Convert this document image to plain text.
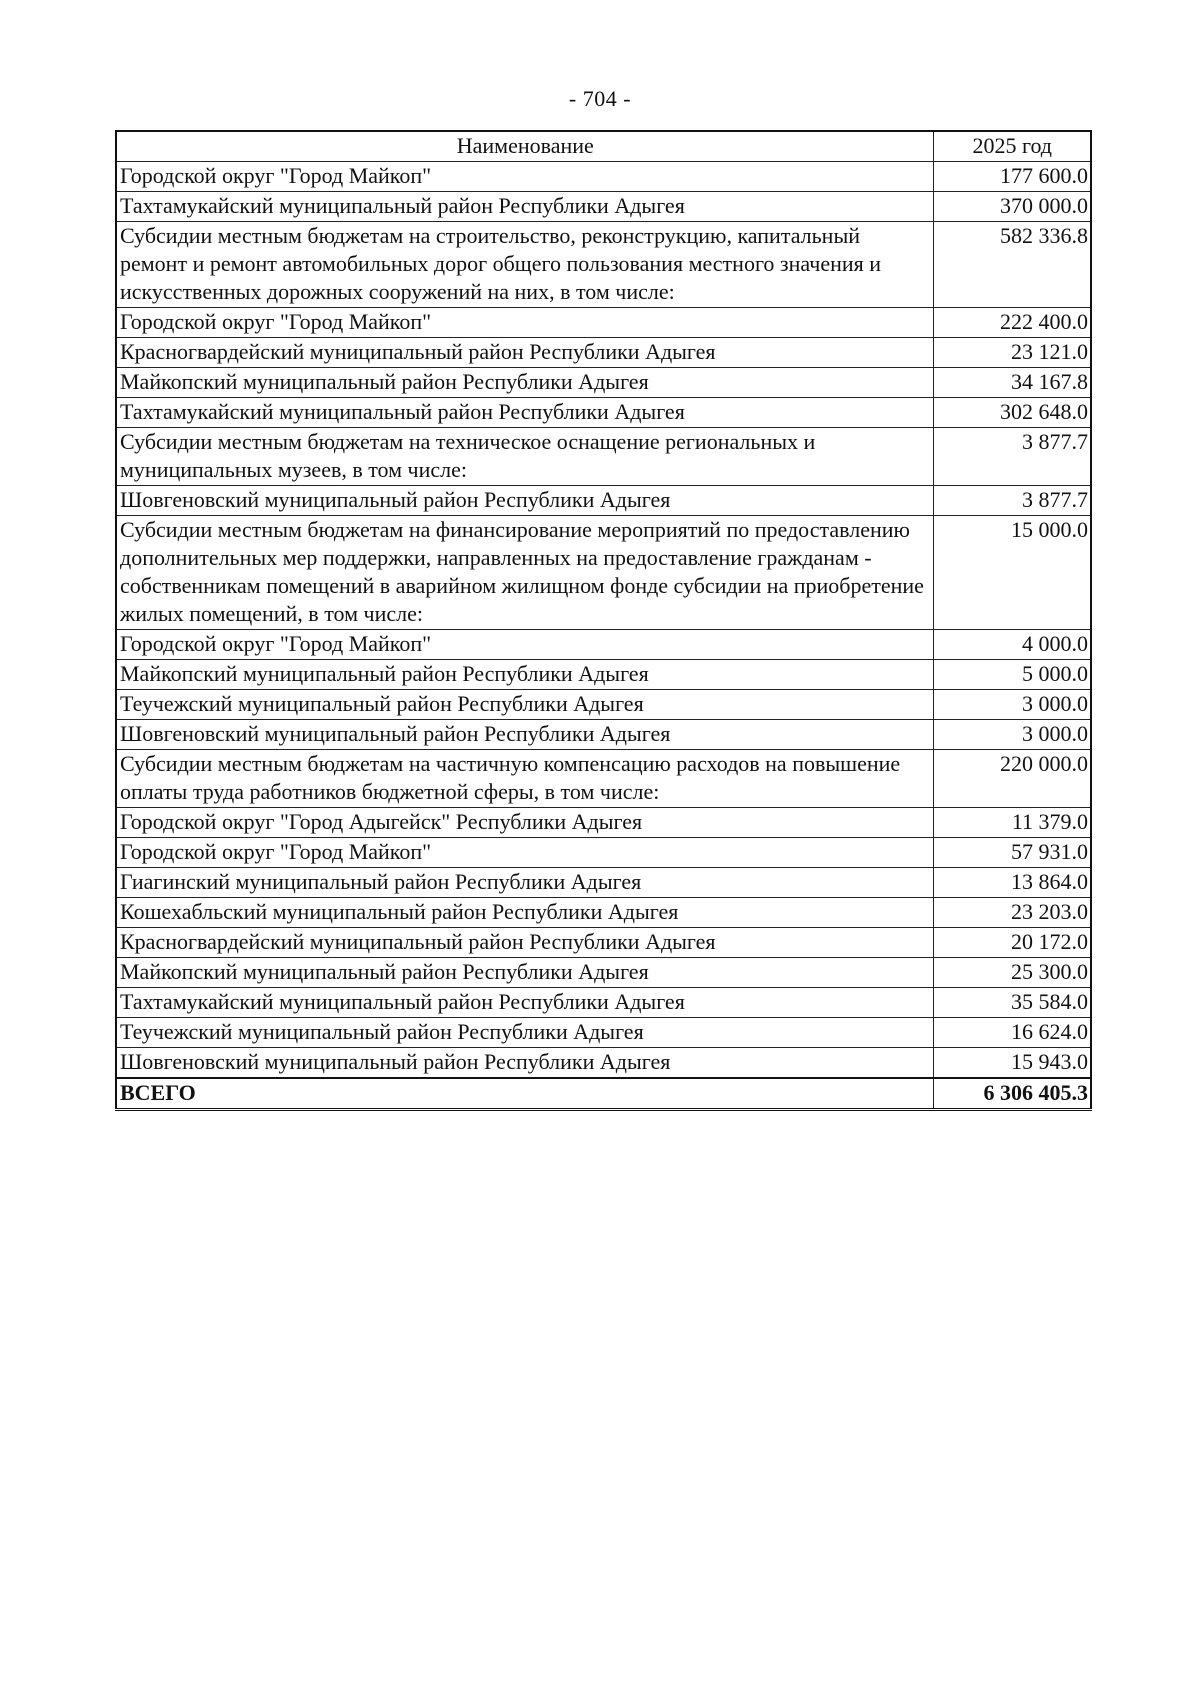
- 704 -
Наименование	2025 год
Городской округ "Город Майкоп"	177 600.0
Тахтамукайский муниципальный район Республики Адыгея	370 000.0
Субсидии местным бюджетам на строительство, реконструкцию, капитальный ремонт и ремонт автомобильных дорог общего пользования местного значения и искусственных дорожных сооружений на них, в том числе:	582 336.8
Городской округ "Город Майкоп"	222 400.0
Красногвардейский муниципальный район Республики Адыгея	23 121.0
Майкопский муниципальный район Республики Адыгея	34 167.8
Тахтамукайский муниципальный район Республики Адыгея	302 648.0
Субсидии местным бюджетам на техническое оснащение региональных и муниципальных музеев, в том числе:	3 877.7
Шовгеновский муниципальный район Республики Адыгея	3 877.7
Субсидии местным бюджетам на финансирование мероприятий по предоставлению дополнительных мер поддержки, направленных на предоставление гражданам - собственникам помещений в аварийном жилищном фонде субсидии на приобретение жилых помещений, в том числе:	15 000.0
Городской округ "Город Майкоп"	4 000.0
Майкопский муниципальный район Республики Адыгея	5 000.0
Теучежский муниципальный район Республики Адыгея	3 000.0
Шовгеновский муниципальный район Республики Адыгея	3 000.0
Субсидии местным бюджетам на частичную компенсацию расходов на повышение оплаты труда работников бюджетной сферы, в том числе:	220 000.0
Городской округ "Город Адыгейск" Республики Адыгея	11 379.0
Городской округ "Город Майкоп"	57 931.0
Гиагинский муниципальный район Республики Адыгея	13 864.0
Кошехабльский муниципальный район Республики Адыгея	23 203.0
Красногвардейский муниципальный район Республики Адыгея	20 172.0
Майкопский муниципальный район Республики Адыгея	25 300.0
Тахтамукайский муниципальный район Республики Адыгея	35 584.0
Теучежский муниципальный район Республики Адыгея	16 624.0
Шовгеновский муниципальный район Республики Адыгея	15 943.0
ВСЕГО	6 306 405.3
